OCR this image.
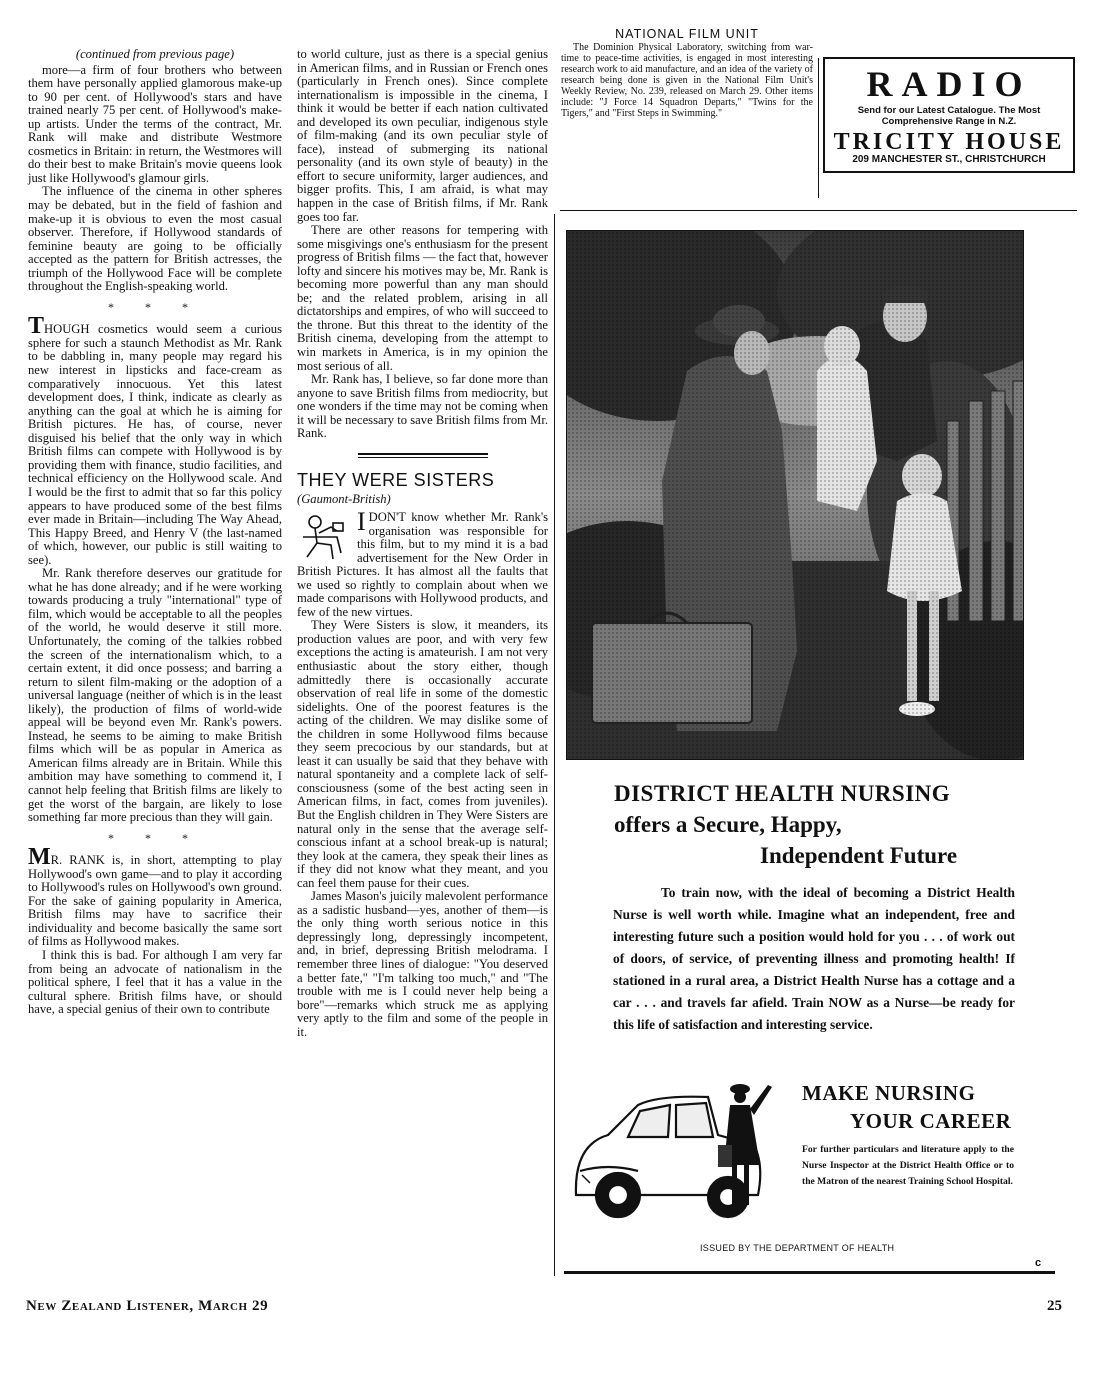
(continued from previous page)

more—a firm of four brothers who between them have personally applied glamorous make-up to 90 per cent. of Hollywood's stars and have trained nearly 75 per cent. of Hollywood's make-up artists. Under the terms of the contract, Mr. Rank will make and distribute Westmore cosmetics in Britain: in return, the Westmores will do their best to make Britain's movie queens look just like Hollywood's glamour girls.

The influence of the cinema in other spheres may be debated, but in the field of fashion and make-up it is obvious to even the most casual observer. Therefore, if Hollywood standards of feminine beauty are going to be officially accepted as the pattern for British actresses, the triumph of the Hollywood Face will be complete throughout the English-speaking world.

* * *

THOUGH cosmetics would seem a curious sphere for such a staunch Methodist as Mr. Rank to be dabbling in, many people may regard his new interest in lipsticks and face-cream as comparatively innocuous. Yet this latest development does, I think, indicate as clearly as anything can the goal at which he is aiming for British pictures. He has, of course, never disguised his belief that the only way in which British films can compete with Hollywood is by providing them with finance, studio facilities, and technical efficiency on the Hollywood scale. And I would be the first to admit that so far this policy appears to have produced some of the best films ever made in Britain—including The Way Ahead, This Happy Breed, and Henry V (the last-named of which, however, our public is still waiting to see).

Mr. Rank therefore deserves our gratitude for what he has done already; and if he were working towards producing a truly "international" type of film, which would be acceptable to all the peoples of the world, he would deserve it still more. Unfortunately, the coming of the talkies robbed the screen of the internationalism which, to a certain extent, it did once possess; and barring a return to silent film-making or the adoption of a universal language (neither of which is in the least likely), the production of films of world-wide appeal will be beyond even Mr. Rank's powers. Instead, he seems to be aiming to make British films which will be as popular in America as American films already are in Britain. While this ambition may have something to commend it, I cannot help feeling that British films are likely to get the worst of the bargain, are likely to lose something far more precious than they will gain.

* * *

MR. RANK is, in short, attempting to play Hollywood's own game—and to play it according to Hollywood's rules on Hollywood's own ground. For the sake of gaining popularity in America, British films may have to sacrifice their individuality and become basically the same sort of films as Hollywood makes.

I think this is bad. For although I am very far from being an advocate of nationalism in the political sphere, I feel that it has a value in the cultural sphere. British films have, or should have, a special genius of their own to contribute

to world culture, just as there is a special genius in American films, and in Russian or French ones (particularly in French ones). Since complete internationalism is impossible in the cinema, I think it would be better if each nation cultivated and developed its own peculiar, indigenous style of film-making (and its own peculiar style of face), instead of submerging its national personality (and its own style of beauty) in the effort to secure uniformity, larger audiences, and bigger profits. This, I am afraid, is what may happen in the case of British films, if Mr. Rank goes too far.

There are other reasons for tempering with some misgivings one's enthusiasm for the present progress of British films — the fact that, however lofty and sincere his motives may be, Mr. Rank is becoming more powerful than any man should be; and the related problem, arising in all dictatorships and empires, of who will succeed to the throne. But this threat to the identity of the British cinema, developing from the attempt to win markets in America, is in my opinion the most serious of all.

Mr. Rank has, I believe, so far done more than anyone to save British films from mediocrity, but one wonders if the time may not be coming when it will be necessary to save British films from Mr. Rank.

THEY WERE SISTERS

(Gaumont-British)

IDON'T know whether Mr. Rank's organisation was responsible for this film, but to my mind it is a bad advertisement for the New Order in British Pictures. It has almost all the faults that we used so rightly to complain about when we made comparisons with Hollywood products, and few of the new virtues.

They Were Sisters is slow, it meanders, its production values are poor, and with very few exceptions the acting is amateurish. I am not very enthusiastic about the story either, though admittedly there is occasionally accurate observation of real life in some of the domestic sidelights. One of the poorest features is the acting of the children. We may dislike some of the children in some Hollywood films because they seem precocious by our standards, but at least it can usually be said that they behave with natural spontaneity and a complete lack of self-consciousness (some of the best acting seen in American films, in fact, comes from juveniles). But the English children in They Were Sisters are natural only in the sense that the average self-conscious infant at a school break-up is natural; they look at the camera, they speak their lines as if they did not know what they meant, and you can feel them pause for their cues.

James Mason's juicily malevolent performance as a sadistic husband—yes, another of them—is the only thing worth serious notice in this depressingly long, depressingly incompetent, and, in brief, depressing British melodrama. I remember three lines of dialogue: "You deserved a better fate," "I'm talking too much," and "The trouble with me is I could never help being a bore"—remarks which struck me as applying very aptly to the film and some of the people in it.

NATIONAL FILM UNIT

The Dominion Physical Laboratory, switching from war-time to peace-time activities, is engaged in most interesting research work to aid manufacture, and an idea of the variety of research being done is given in the National Film Unit's Weekly Review, No. 239, released on March 29. Other items include: "J Force 14 Squadron Departs," "Twins for the Tigers," and "First Steps in Swimming."

RADIO
Send for our Latest Catalogue. The Most Comprehensive Range in N.Z.
TRICITY HOUSE
209 MANCHESTER ST., CHRISTCHURCH
DISTRICT HEALTH NURSING
offers a Secure, Happy,
Independent Future
To train now, with the ideal of becoming a District Health Nurse is well worth while. Imagine what an independent, free and interesting future such a position would hold for you . . . of work out of doors, of service, of preventing illness and promoting health! If stationed in a rural area, a District Health Nurse has a cottage and a car . . . and travels far afield. Train NOW as a Nurse—be ready for this life of satisfaction and interesting service.
MAKE NURSING
YOUR CAREER
For further particulars and literature apply to the Nurse Inspector at the District Health Office or to the Matron of the nearest Training School Hospital.
ISSUED BY THE DEPARTMENT OF HEALTH
c
New Zealand Listener, March 29	25
